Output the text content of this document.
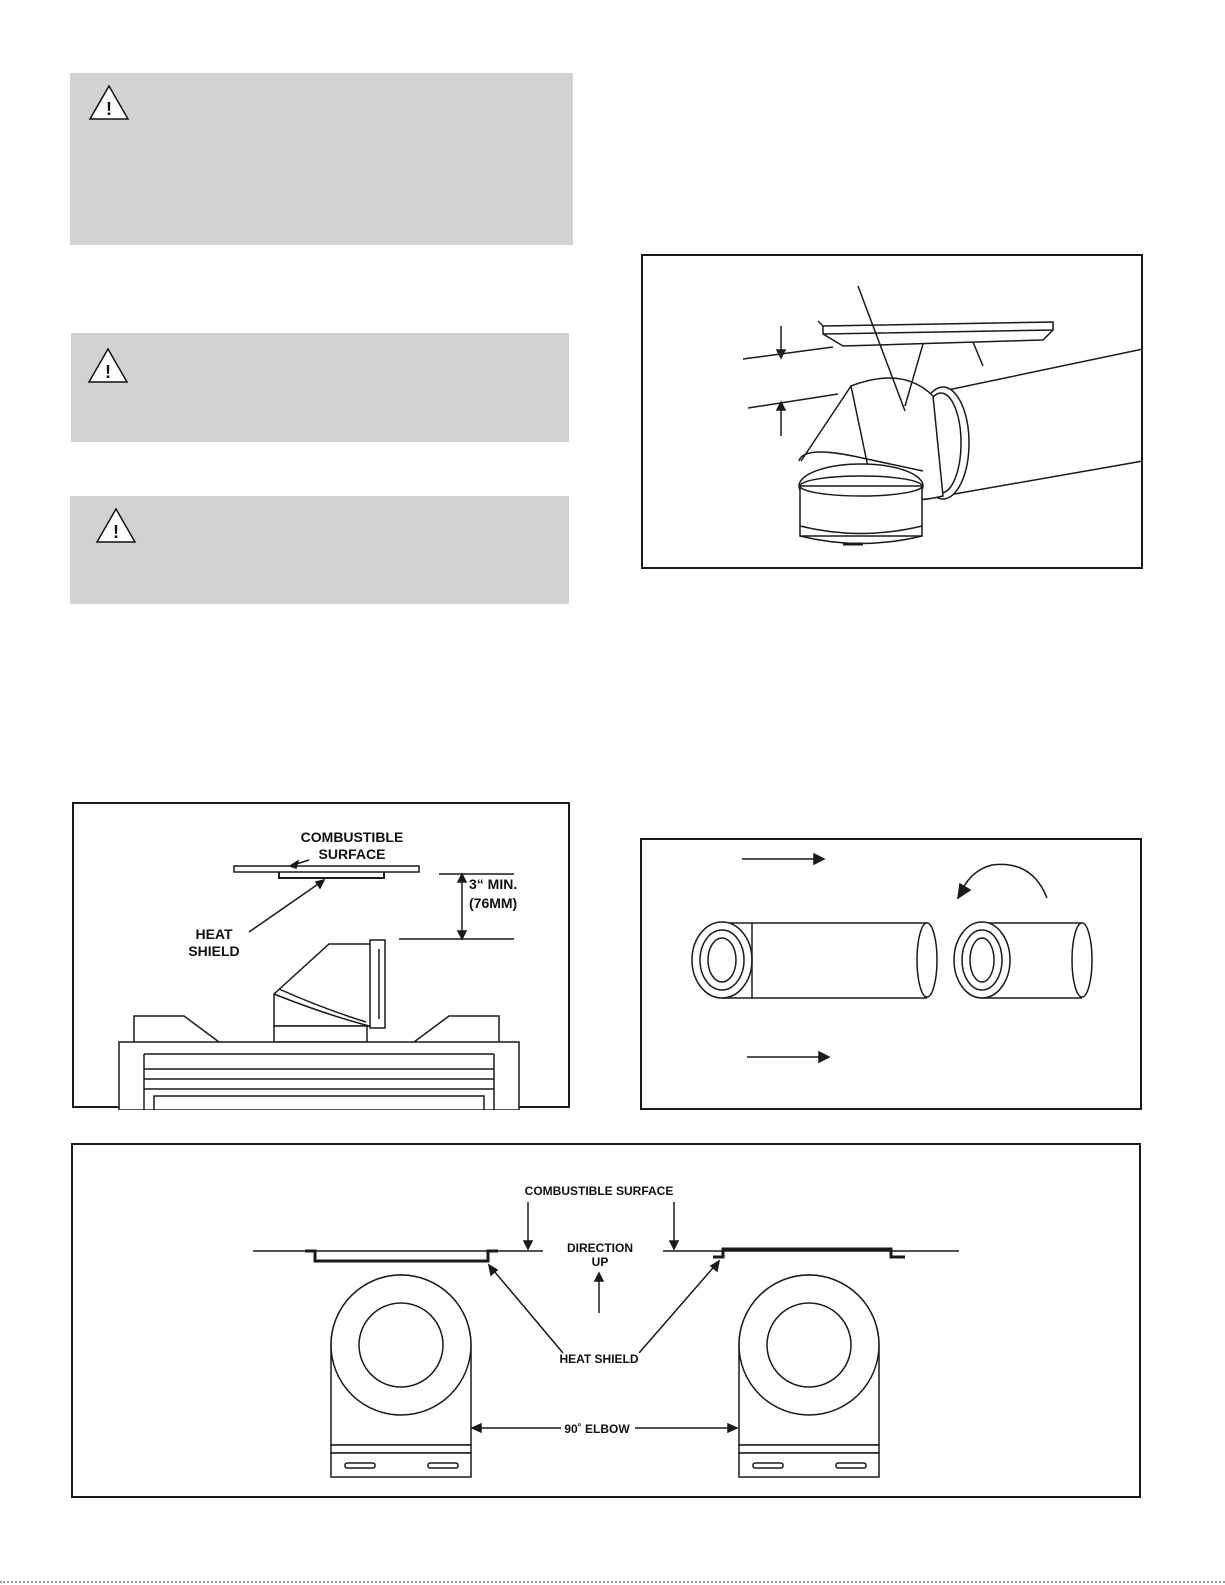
!
!
!
COMBUSTIBLE
SURFACE
HEAT
SHIELD
3“ MIN.
(76MM)
COMBUSTIBLE SURFACE
DIRECTION
UP
HEAT SHIELD
90˚ ELBOW
